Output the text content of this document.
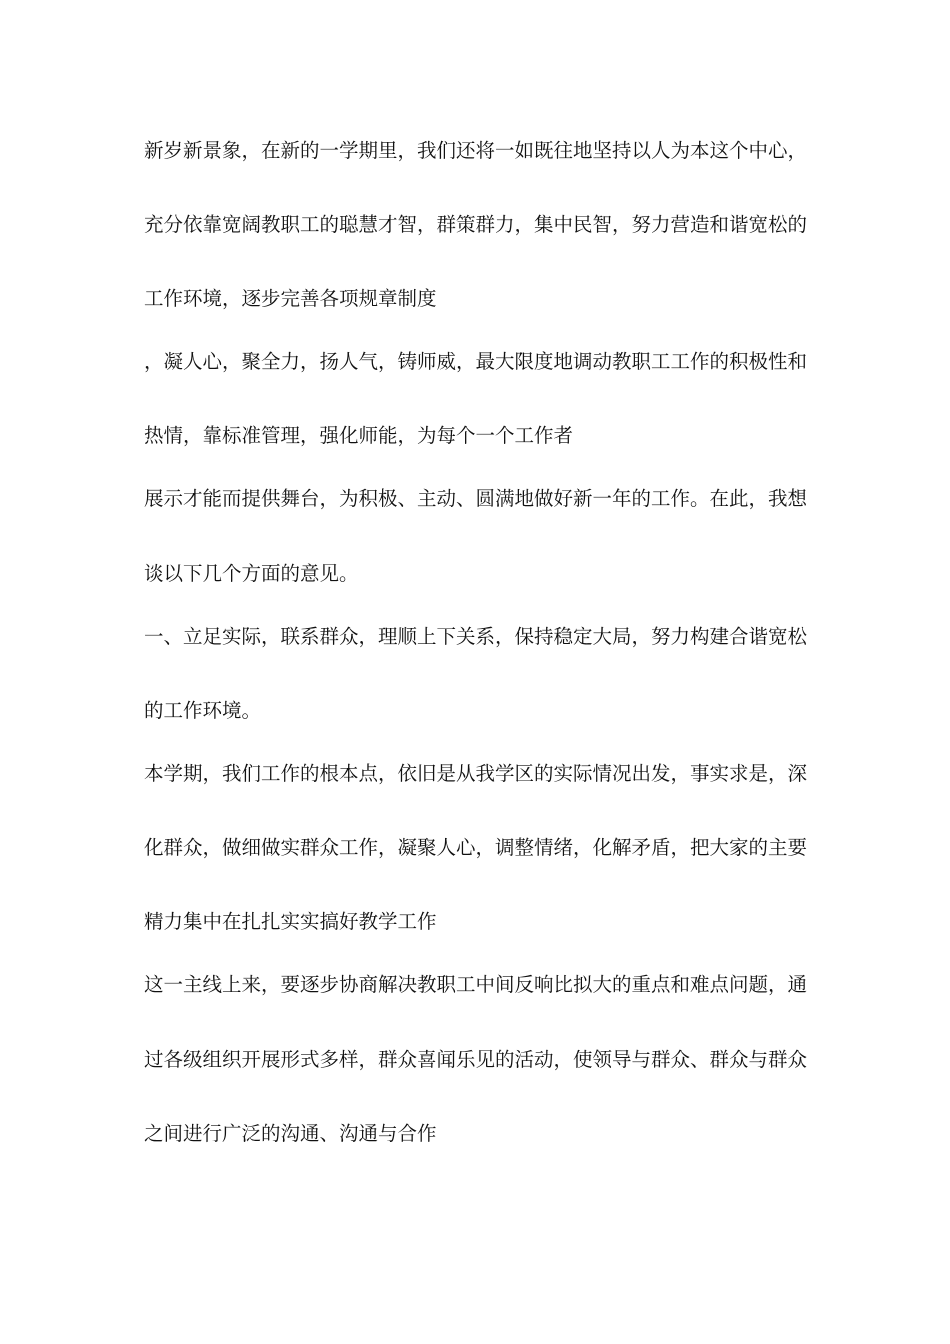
新岁新景象，在新的一学期里，我们还将一如既往地坚持以人为本这个中心，
充分依靠宽阔教职工的聪慧才智，群策群力，集中民智，努力营造和谐宽松的
工作环境，逐步完善各项规章制度
，凝人心，聚全力，扬人气，铸师威，最大限度地调动教职工工作的积极性和
热情，靠标准管理，强化师能，为每个一个工作者
展示才能而提供舞台，为积极、主动、圆满地做好新一年的工作。在此，我想
谈以下几个方面的意见。
一、立足实际，联系群众，理顺上下关系，保持稳定大局，努力构建合谐宽松
的工作环境。
本学期，我们工作的根本点，依旧是从我学区的实际情况出发，事实求是，深
化群众，做细做实群众工作，凝聚人心，调整情绪，化解矛盾，把大家的主要
精力集中在扎扎实实搞好教学工作
这一主线上来，要逐步协商解决教职工中间反响比拟大的重点和难点问题，通
过各级组织开展形式多样，群众喜闻乐见的活动，使领导与群众、群众与群众
之间进行广泛的沟通、沟通与合作
